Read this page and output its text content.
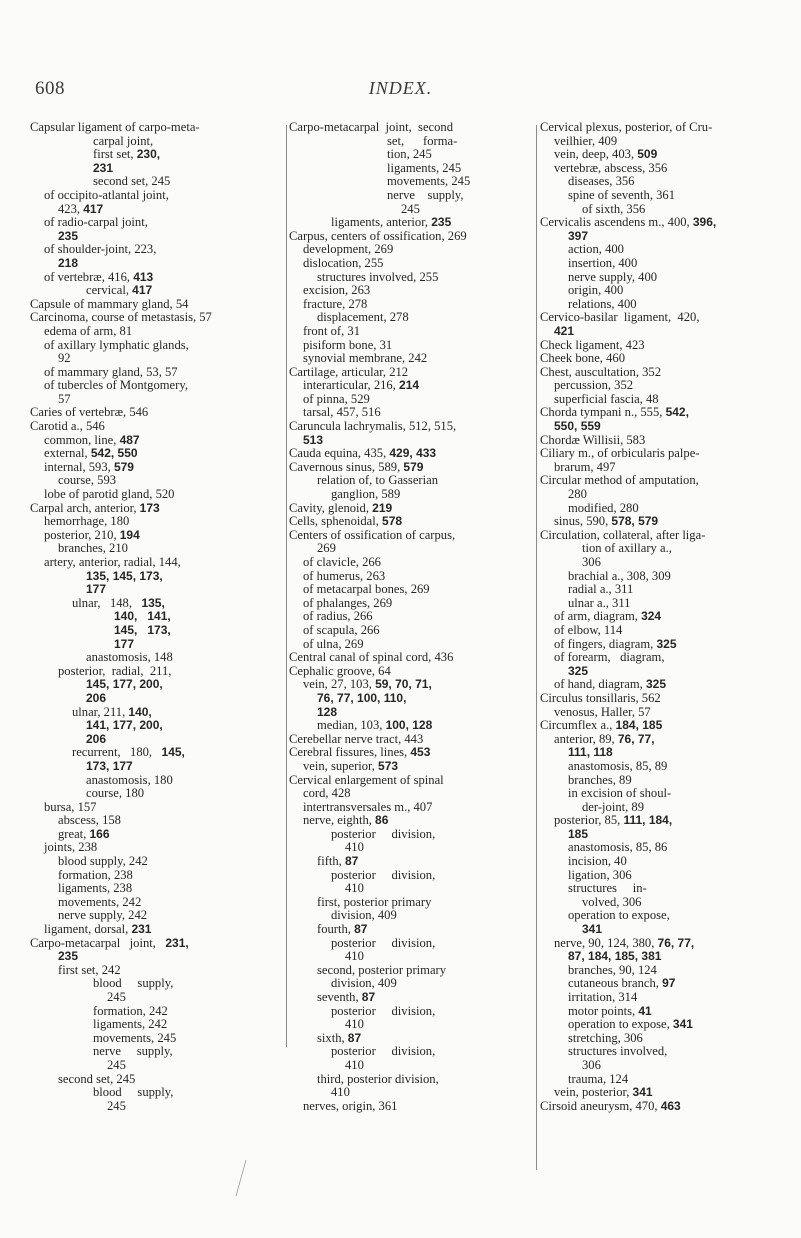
608	INDEX.
Capsular ligament of carpo-meta-
carpal joint,
first set, 230,
231
second set, 245
of occipito-atlantal joint,
423, 417
of radio-carpal joint,
235
of shoulder-joint, 223,
218
of vertebræ, 416, 413
cervical, 417
Capsule of mammary gland, 54
Carcinoma, course of metastasis, 57
edema of arm, 81
of axillary lymphatic glands,
92
of mammary gland, 53, 57
of tubercles of Montgomery,
57
Caries of vertebræ, 546
Carotid a., 546
common, line, 487
external, 542, 550
internal, 593, 579
course, 593
lobe of parotid gland, 520
Carpal arch, anterior, 173
hemorrhage, 180
posterior, 210, 194
branches, 210
artery, anterior, radial, 144,
135, 145, 173,
177
ulnar,   148,   135,
140,   141,
145,   173,
177
anastomosis, 148
posterior,  radial,  211,
145, 177, 200,
206
ulnar, 211, 140,
141, 177, 200,
206
recurrent,   180,   145,
173, 177
anastomosis, 180
course, 180
bursa, 157
abscess, 158
great, 166
joints, 238
blood supply, 242
formation, 238
ligaments, 238
movements, 242
nerve supply, 242
ligament, dorsal, 231
Carpo-metacarpal   joint,   231,
235
first set, 242
blood     supply,
245
formation, 242
ligaments, 242
movements, 245
nerve     supply,
245
second set, 245
blood     supply,
245
Carpo-metacarpal  joint,  second
set,      forma-
tion, 245
ligaments, 245
movements, 245
nerve    supply,
245
ligaments, anterior, 235
Carpus, centers of ossification, 269
development, 269
dislocation, 255
structures involved, 255
excision, 263
fracture, 278
displacement, 278
front of, 31
pisiform bone, 31
synovial membrane, 242
Cartilage, articular, 212
interarticular, 216, 214
of pinna, 529
tarsal, 457, 516
Caruncula lachrymalis, 512, 515,
513
Cauda equina, 435, 429, 433
Cavernous sinus, 589, 579
relation of, to Gasserian
ganglion, 589
Cavity, glenoid, 219
Cells, sphenoidal, 578
Centers of ossification of carpus,
269
of clavicle, 266
of humerus, 263
of metacarpal bones, 269
of phalanges, 269
of radius, 266
of scapula, 266
of ulna, 269
Central canal of spinal cord, 436
Cephalic groove, 64
vein, 27, 103, 59, 70, 71,
76, 77, 100, 110,
128
median, 103, 100, 128
Cerebellar nerve tract, 443
Cerebral fissures, lines, 453
vein, superior, 573
Cervical enlargement of spinal
cord, 428
intertransversales m., 407
nerve, eighth, 86
posterior     division,
410
fifth, 87
posterior     division,
410
first, posterior primary
division, 409
fourth, 87
posterior     division,
410
second, posterior primary
division, 409
seventh, 87
posterior     division,
410
sixth, 87
posterior     division,
410
third, posterior division,
410
nerves, origin, 361
Cervical plexus, posterior, of Cru-
veilhier, 409
vein, deep, 403, 509
vertebræ, abscess, 356
diseases, 356
spine of seventh, 361
of sixth, 356
Cervicalis ascendens m., 400, 396,
397
action, 400
insertion, 400
nerve supply, 400
origin, 400
relations, 400
Cervico-basilar  ligament,  420,
421
Check ligament, 423
Cheek bone, 460
Chest, auscultation, 352
percussion, 352
superficial fascia, 48
Chorda tympani n., 555, 542,
550, 559
Chordæ Willisii, 583
Ciliary m., of orbicularis palpe-
brarum, 497
Circular method of amputation,
280
modified, 280
sinus, 590, 578, 579
Circulation, collateral, after liga-
tion of axillary a.,
306
brachial a., 308, 309
radial a., 311
ulnar a., 311
of arm, diagram, 324
of elbow, 114
of fingers, diagram, 325
of forearm,   diagram,
325
of hand, diagram, 325
Circulus tonsillaris, 562
venosus, Haller, 57
Circumflex a., 184, 185
anterior, 89, 76, 77,
111, 118
anastomosis, 85, 89
branches, 89
in excision of shoul-
der-joint, 89
posterior, 85, 111, 184,
185
anastomosis, 85, 86
incision, 40
ligation, 306
structures     in-
volved, 306
operation to expose,
341
nerve, 90, 124, 380, 76, 77,
87, 184, 185, 381
branches, 90, 124
cutaneous branch, 97
irritation, 314
motor points, 41
operation to expose, 341
stretching, 306
structures involved,
306
trauma, 124
vein, posterior, 341
Cirsoid aneurysm, 470, 463
